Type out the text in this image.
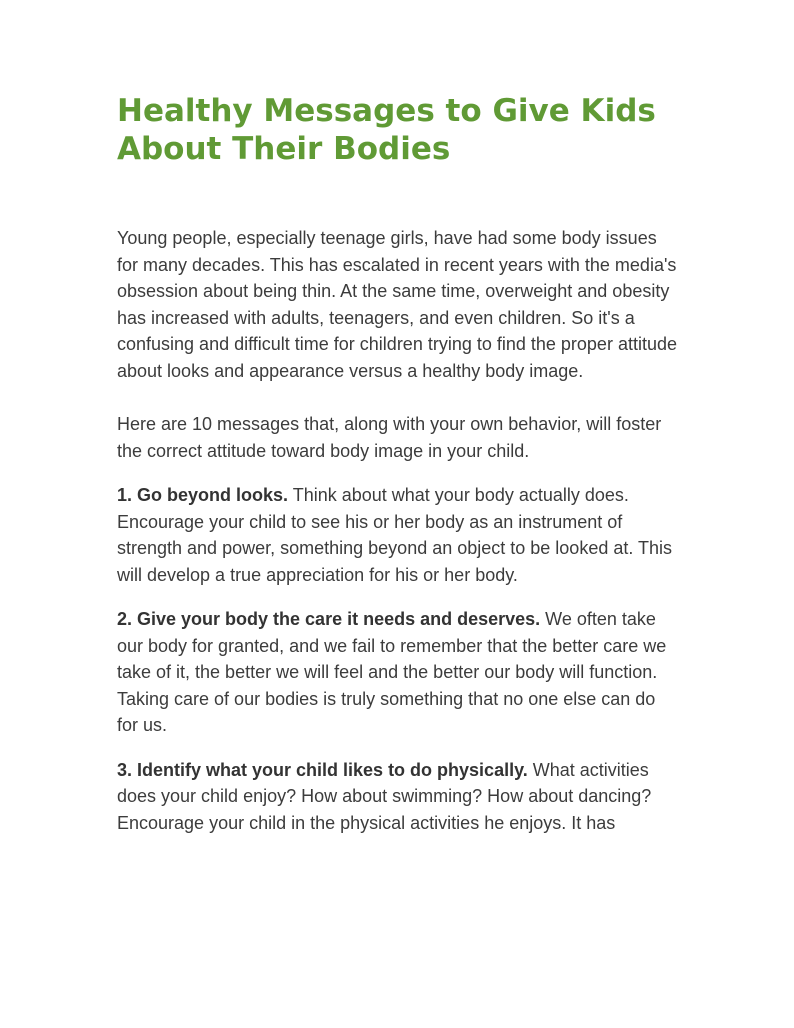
Healthy Messages to Give Kids About Their Bodies

Young people, especially teenage girls, have had some body issues for many decades. This has escalated in recent years with the media's obsession about being thin. At the same time, overweight and obesity has increased with adults, teenagers, and even children. So it's a confusing and difficult time for children trying to find the proper attitude about looks and appearance versus a healthy body image.

Here are 10 messages that, along with your own behavior, will foster the correct attitude toward body image in your child.

1. Go beyond looks. Think about what your body actually does. Encourage your child to see his or her body as an instrument of strength and power, something beyond an object to be looked at. This will develop a true appreciation for his or her body.

2. Give your body the care it needs and deserves. We often take our body for granted, and we fail to remember that the better care we take of it, the better we will feel and the better our body will function. Taking care of our bodies is truly something that no one else can do for us.

3. Identify what your child likes to do physically. What activities does your child enjoy? How about swimming? How about dancing? Encourage your child in the physical activities he enjoys. It has
